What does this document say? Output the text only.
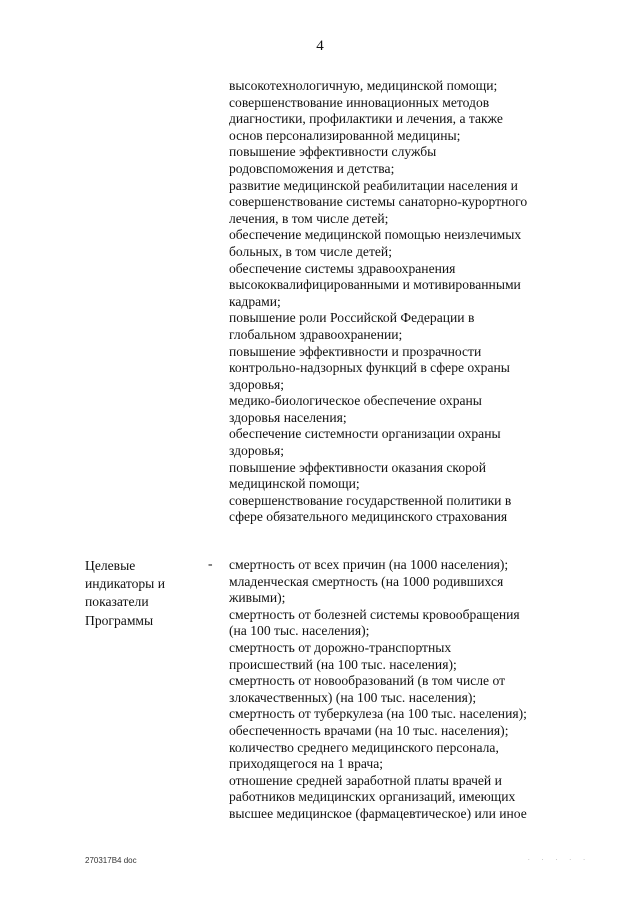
4
высокотехнологичную, медицинской помощи;
совершенствование инновационных методов
диагностики, профилактики и лечения, а также
основ персонализированной медицины;
повышение эффективности службы
родовспоможения и детства;
развитие медицинской реабилитации населения и
совершенствование системы санаторно-курортного
лечения, в том числе детей;
обеспечение медицинской помощью неизлечимых
больных, в том числе детей;
обеспечение системы здравоохранения
высококвалифицированными и мотивированными
кадрами;
повышение роли Российской Федерации в
глобальном здравоохранении;
повышение эффективности и прозрачности
контрольно-надзорных функций в сфере охраны
здоровья;
медико-биологическое обеспечение охраны
здоровья населения;
обеспечение системности организации охраны
здоровья;
повышение эффективности оказания скорой
медицинской помощи;
совершенствование государственной политики в
сфере обязательного медицинского страхования
Целевые
индикаторы и
показатели
Программы
- смертность от всех причин (на 1000 населения);
младенческая смертность (на 1000 родившихся
живыми);
смертность от болезней системы кровообращения
(на 100 тыс. населения);
смертность от дорожно-транспортных
происшествий (на 100 тыс. населения);
смертность от новообразований (в том числе от
злокачественных) (на 100 тыс. населения);
смертность от туберкулеза (на 100 тыс. населения);
обеспеченность врачами (на 10 тыс. населения);
количество среднего медицинского персонала,
приходящегося на 1 врача;
отношение средней заработной платы врачей и
работников медицинских организаций, имеющих
высшее медицинское (фармацевтическое) или иное
270317В4 doc	. . . . .
